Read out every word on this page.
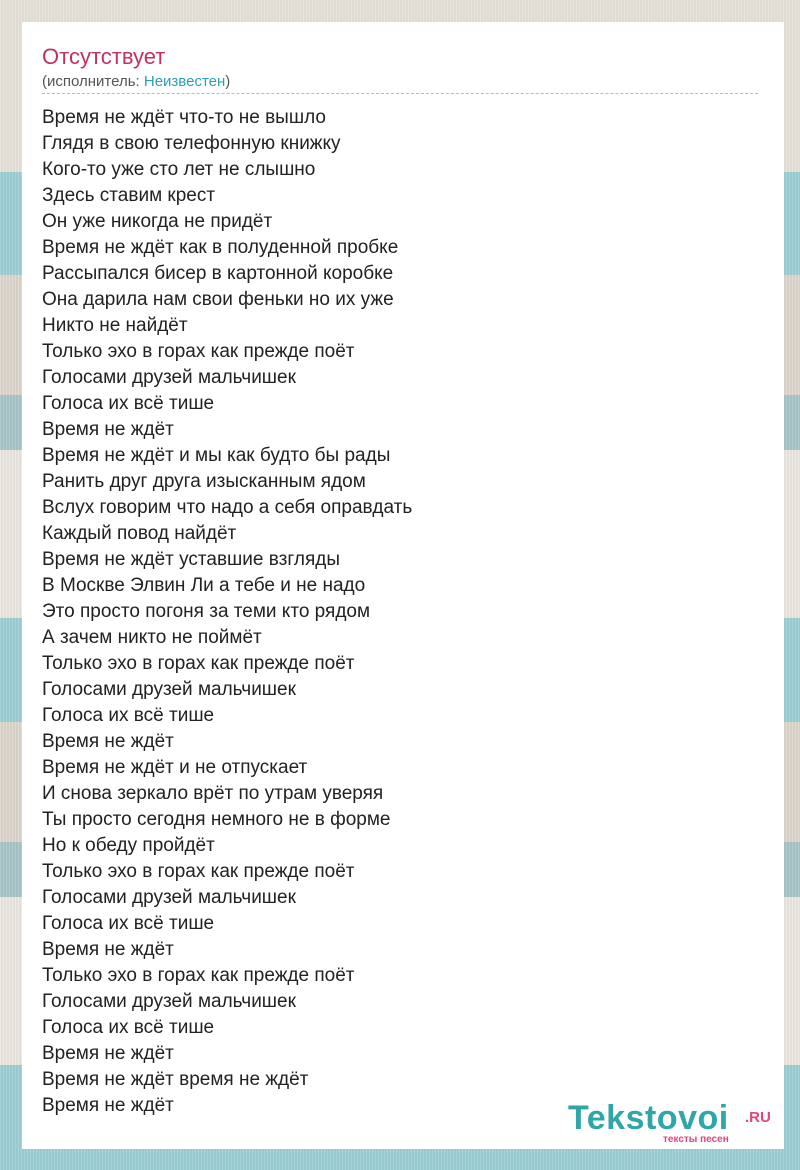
Отсутствует
(исполнитель: Неизвестен)
Время не ждёт что-то не вышло
Глядя в свою телефонную книжку
Кого-то уже сто лет не слышно
Здесь ставим крест
Он уже никогда не придёт
Время не ждёт как в полуденной пробке
Рассыпался бисер в картонной коробке
Она дарила нам свои феньки но их уже
Никто не найдёт
Только эхо в горах как прежде поёт
Голосами друзей мальчишек
Голоса их всё тише
Время не ждёт
Время не ждёт и мы как будто бы рады
Ранить друг друга изысканным ядом
Вслух говорим что надо а себя оправдать
Каждый повод найдёт
Время не ждёт уставшие взгляды
В Москве Элвин Ли а тебе и не надо
Это просто погоня за теми кто рядом
А зачем никто не поймёт
Только эхо в горах как прежде поёт
Голосами друзей мальчишек
Голоса их всё тише
Время не ждёт
Время не ждёт и не отпускает
И снова зеркало врёт по утрам уверяя
Ты просто сегодня немного не в форме
Но к обеду пройдёт
Только эхо в горах как прежде поёт
Голосами друзей мальчишек
Голоса их всё тише
Время не ждёт
Только эхо в горах как прежде поёт
Голосами друзей мальчишек
Голоса их всё тише
Время не ждёт
Время не ждёт время не ждёт
Время не ждёт	Tekstovoi .RU
тексты песен
